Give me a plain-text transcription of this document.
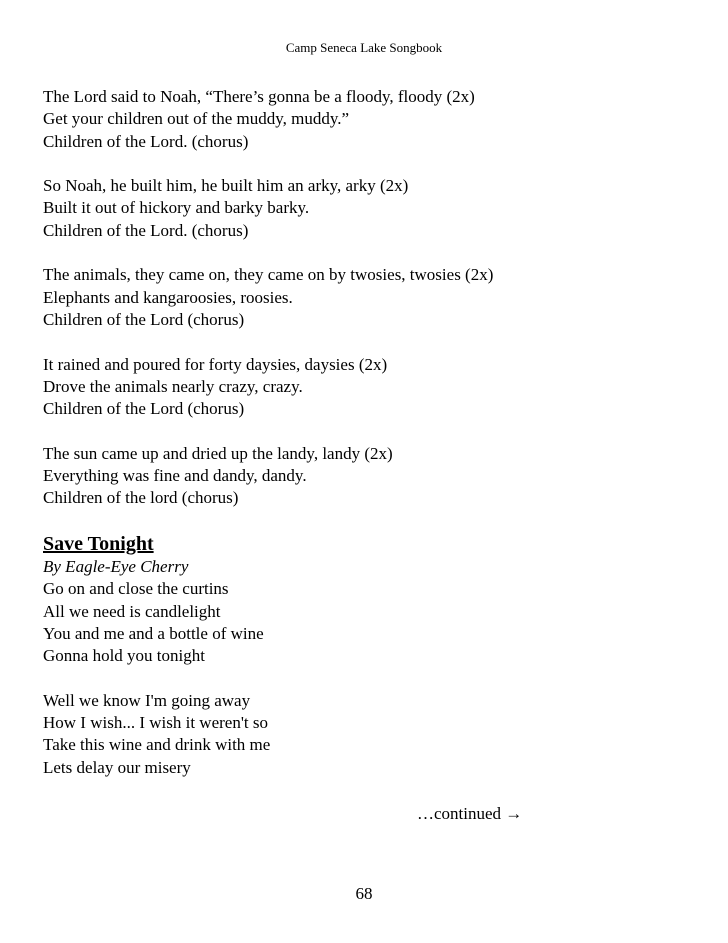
Camp Seneca Lake Songbook
The Lord said to Noah, “There’s gonna be a floody, floody (2x)
Get your children out of the muddy, muddy.”
Children of the Lord. (chorus)
So Noah, he built him, he built him an arky, arky (2x)
Built it out of hickory and barky barky.
Children of the Lord. (chorus)
The animals, they came on, they came on by twosies, twosies (2x)
Elephants and kangaroosies, roosies.
Children of the Lord (chorus)
It rained and poured for forty daysies, daysies (2x)
Drove the animals nearly crazy, crazy.
Children of the Lord (chorus)
The sun came up and dried up the landy, landy (2x)
Everything was fine and dandy, dandy.
Children of the lord (chorus)
Save Tonight
By Eagle-Eye Cherry
Go on and close the curtins
All we need is candlelight
You and me and a bottle of wine
Gonna hold you tonight
Well we know I'm going away
How I wish... I wish it weren't so
Take this wine and drink with me
Lets delay our misery
…continued →
68
